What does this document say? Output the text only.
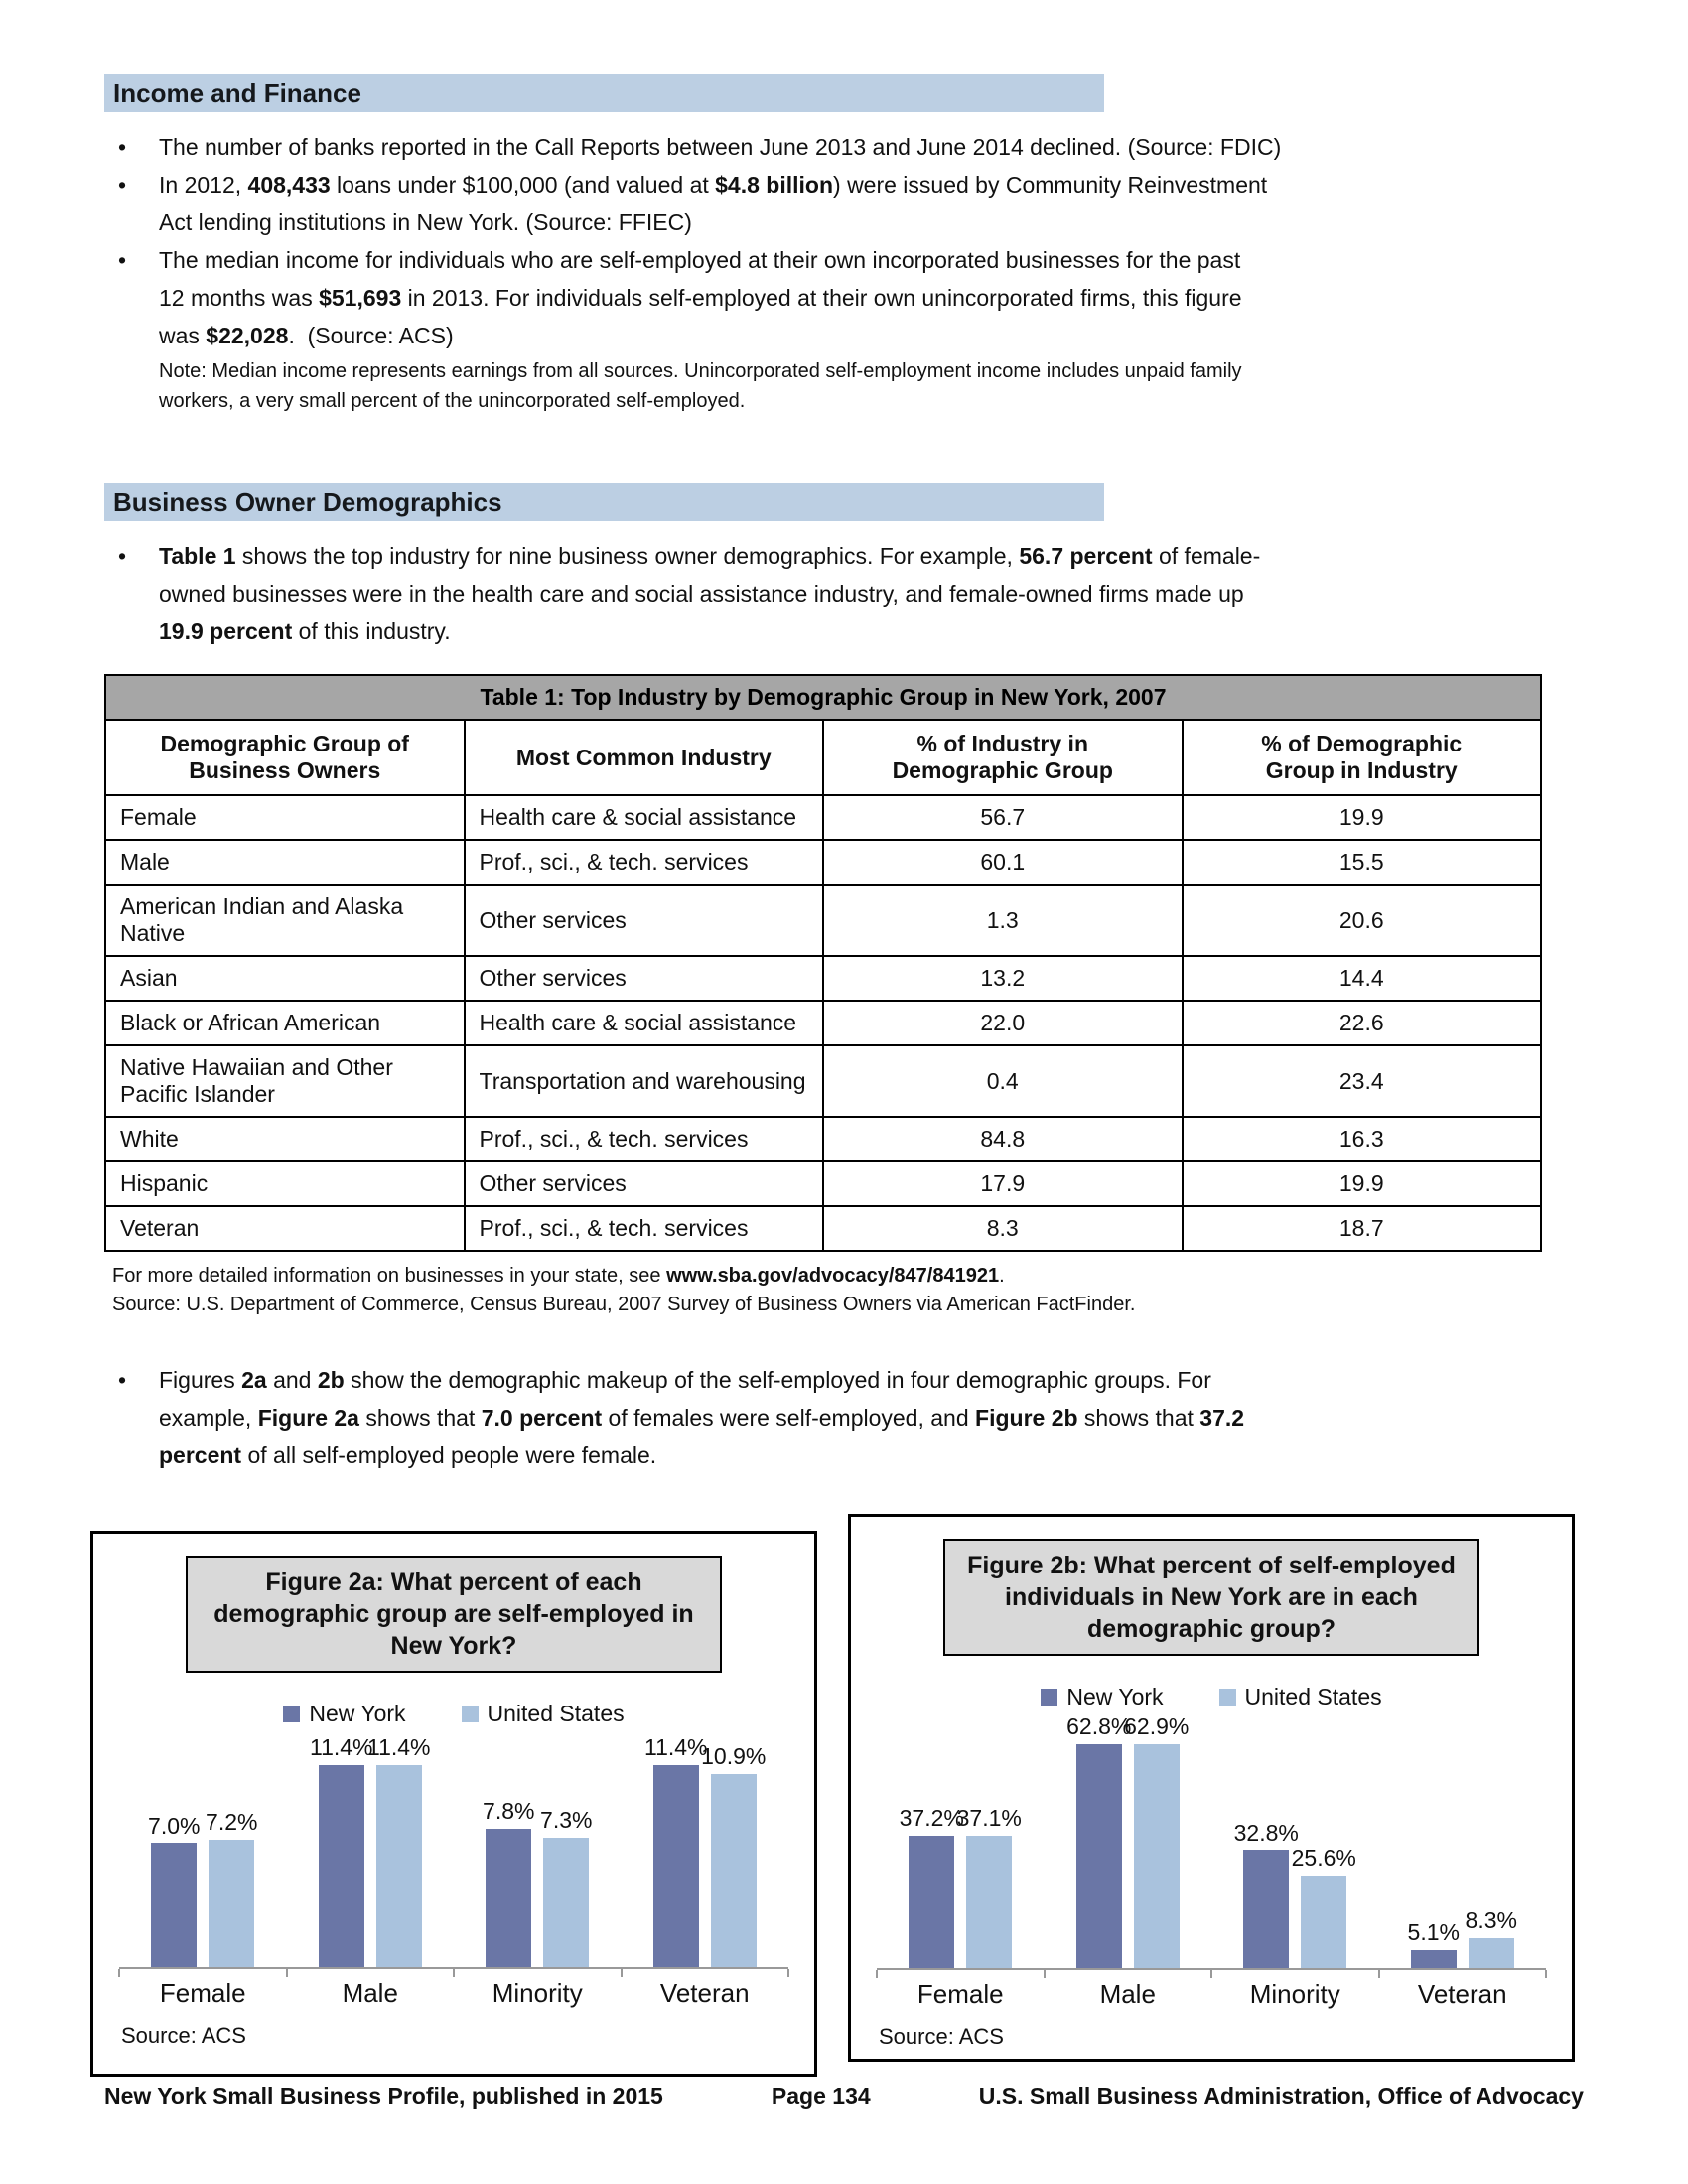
Income and Finance
•	The number of banks reported in the Call Reports between June 2013 and June 2014 declined. (Source: FDIC)
•	In 2012, 408,433 loans under $100,000 (and valued at $4.8 billion) were issued by Community Reinvestment
Act lending institutions in New York. (Source: FFIEC)
•	The median income for individuals who are self-employed at their own incorporated businesses for the past
12 months was $51,693 in 2013. For individuals self-employed at their own unincorporated firms, this figure
was $22,028.  (Source: ACS)
Note: Median income represents earnings from all sources. Unincorporated self-employment income includes unpaid family
workers, a very small percent of the unincorporated self-employed.
Business Owner Demographics
•	Table 1 shows the top industry for nine business owner demographics. For example, 56.7 percent of female-
owned businesses were in the health care and social assistance industry, and female-owned firms made up
19.9 percent of this industry.
Table 1: Top Industry by Demographic Group in New York, 2007			
Demographic Group of Business Owners	Most Common Industry	% of Industry in
Demographic Group	% of Demographic
Group in Industry
Female	Health care & social assistance	56.7	19.9
Male	Prof., sci., & tech. services	60.1	15.5
American Indian and Alaska Native	Other services	1.3	20.6
Asian	Other services	13.2	14.4
Black or African American	Health care & social assistance	22.0	22.6
Native Hawaiian and Other Pacific Islander	Transportation and warehousing	0.4	23.4
White	Prof., sci., & tech. services	84.8	16.3
Hispanic	Other services	17.9	19.9
Veteran	Prof., sci., & tech. services	8.3	18.7
For more detailed information on businesses in your state, see www.sba.gov/advocacy/847/841921.
Source: U.S. Department of Commerce, Census Bureau, 2007 Survey of Business Owners via American FactFinder.
•	Figures 2a and 2b show the demographic makeup of the self-employed in four demographic groups. For
example, Figure 2a shows that 7.0 percent of females were self-employed, and Figure 2b shows that 37.2
percent of all self-employed people were female.
Figure 2a: What percent of each
demographic group are self-employed in
New York?
New York	United States
7.0% 7.2%
11.4%
11.4%
7.8% 7.3%
11.4%
10.9%
Female	Male	Minority	Veteran
Source: ACS
Figure 2b: What percent of self-employed
individuals in New York are in each
demographic group?
New York	United States
37.2%
37.1%
62.8%
62.9%
32.8%
25.6%
5.1% 8.3%
Female	Male	Minority	Veteran
Source: ACS
New York Small Business Profile, published in 2015	Page 134	U.S. Small Business Administration, Office of Advocacy
